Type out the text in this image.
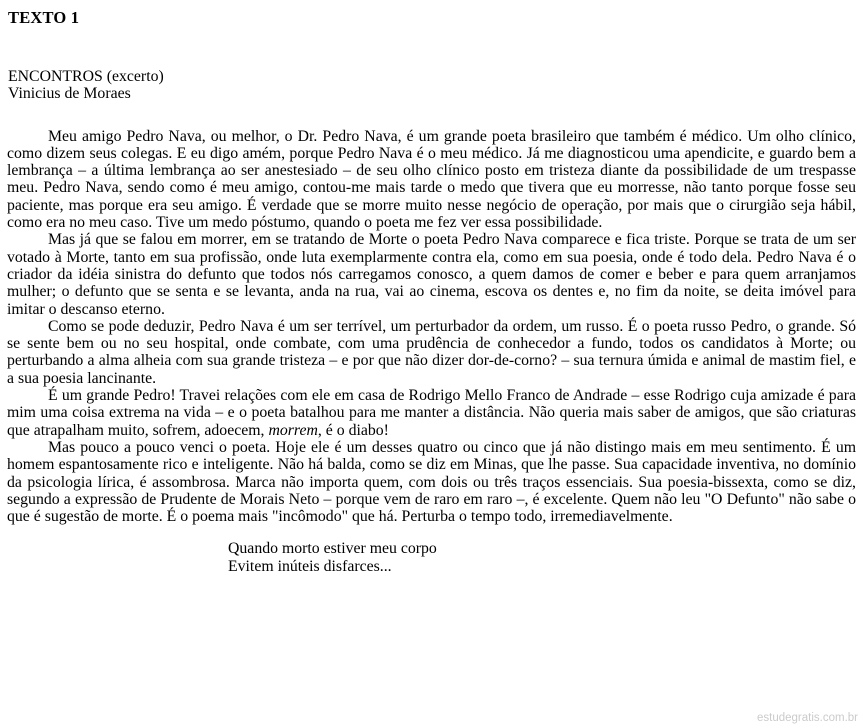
TEXTO 1
ENCONTROS (excerto)
Vinicius de Moraes

Meu amigo Pedro Nava, ou melhor, o Dr. Pedro Nava, é um grande poeta brasileiro que também é médico. Um olho clínico, como dizem seus colegas. E eu digo amém, porque Pedro Nava é o meu médico. Já me diagnosticou uma apendicite, e guardo bem a lembrança – a última lembrança ao ser anestesiado – de seu olho clínico posto em tristeza diante da possibilidade de um trespasse meu. Pedro Nava, sendo como é meu amigo, contou-me mais tarde o medo que tivera que eu morresse, não tanto porque fosse seu paciente, mas porque era seu amigo. É verdade que se morre muito nesse negócio de operação, por mais que o cirurgião seja hábil, como era no meu caso. Tive um medo póstumo, quando o poeta me fez ver essa possibilidade.

Mas já que se falou em morrer, em se tratando de Morte o poeta Pedro Nava comparece e fica triste. Porque se trata de um ser votado à Morte, tanto em sua profissão, onde luta exemplarmente contra ela, como em sua poesia, onde é todo dela. Pedro Nava é o criador da idéia sinistra do defunto que todos nós carregamos conosco, a quem damos de comer e beber e para quem arranjamos mulher; o defunto que se senta e se levanta, anda na rua, vai ao cinema, escova os dentes e, no fim da noite, se deita imóvel para imitar o descanso eterno.

Como se pode deduzir, Pedro Nava é um ser terrível, um perturbador da ordem, um russo. É o poeta russo Pedro, o grande. Só se sente bem ou no seu hospital, onde combate, com uma prudência de conhecedor a fundo, todos os candidatos à Morte; ou perturbando a alma alheia com sua grande tristeza – e por que não dizer dor-de-corno? – sua ternura úmida e animal de mastim fiel, e a sua poesia lancinante.

É um grande Pedro! Travei relações com ele em casa de Rodrigo Mello Franco de Andrade – esse Rodrigo cuja amizade é para mim uma coisa extrema na vida – e o poeta batalhou para me manter a distância. Não queria mais saber de amigos, que são criaturas que atrapalham muito, sofrem, adoecem, morrem, é o diabo!

Mas pouco a pouco venci o poeta. Hoje ele é um desses quatro ou cinco que já não distingo mais em meu sentimento. É um homem espantosamente rico e inteligente. Não há balda, como se diz em Minas, que lhe passe. Sua capacidade inventiva, no domínio da psicologia lírica, é assombrosa. Marca não importa quem, com dois ou três traços essenciais. Sua poesia-bissexta, como se diz, segundo a expressão de Prudente de Morais Neto – porque vem de raro em raro –, é excelente. Quem não leu "O Defunto" não sabe o que é sugestão de morte. É o poema mais "incômodo" que há. Perturba o tempo todo, irremediavelmente.

Quando morto estiver meu corpo
Evitem inúteis disfarces...
estudegratis.com.br
